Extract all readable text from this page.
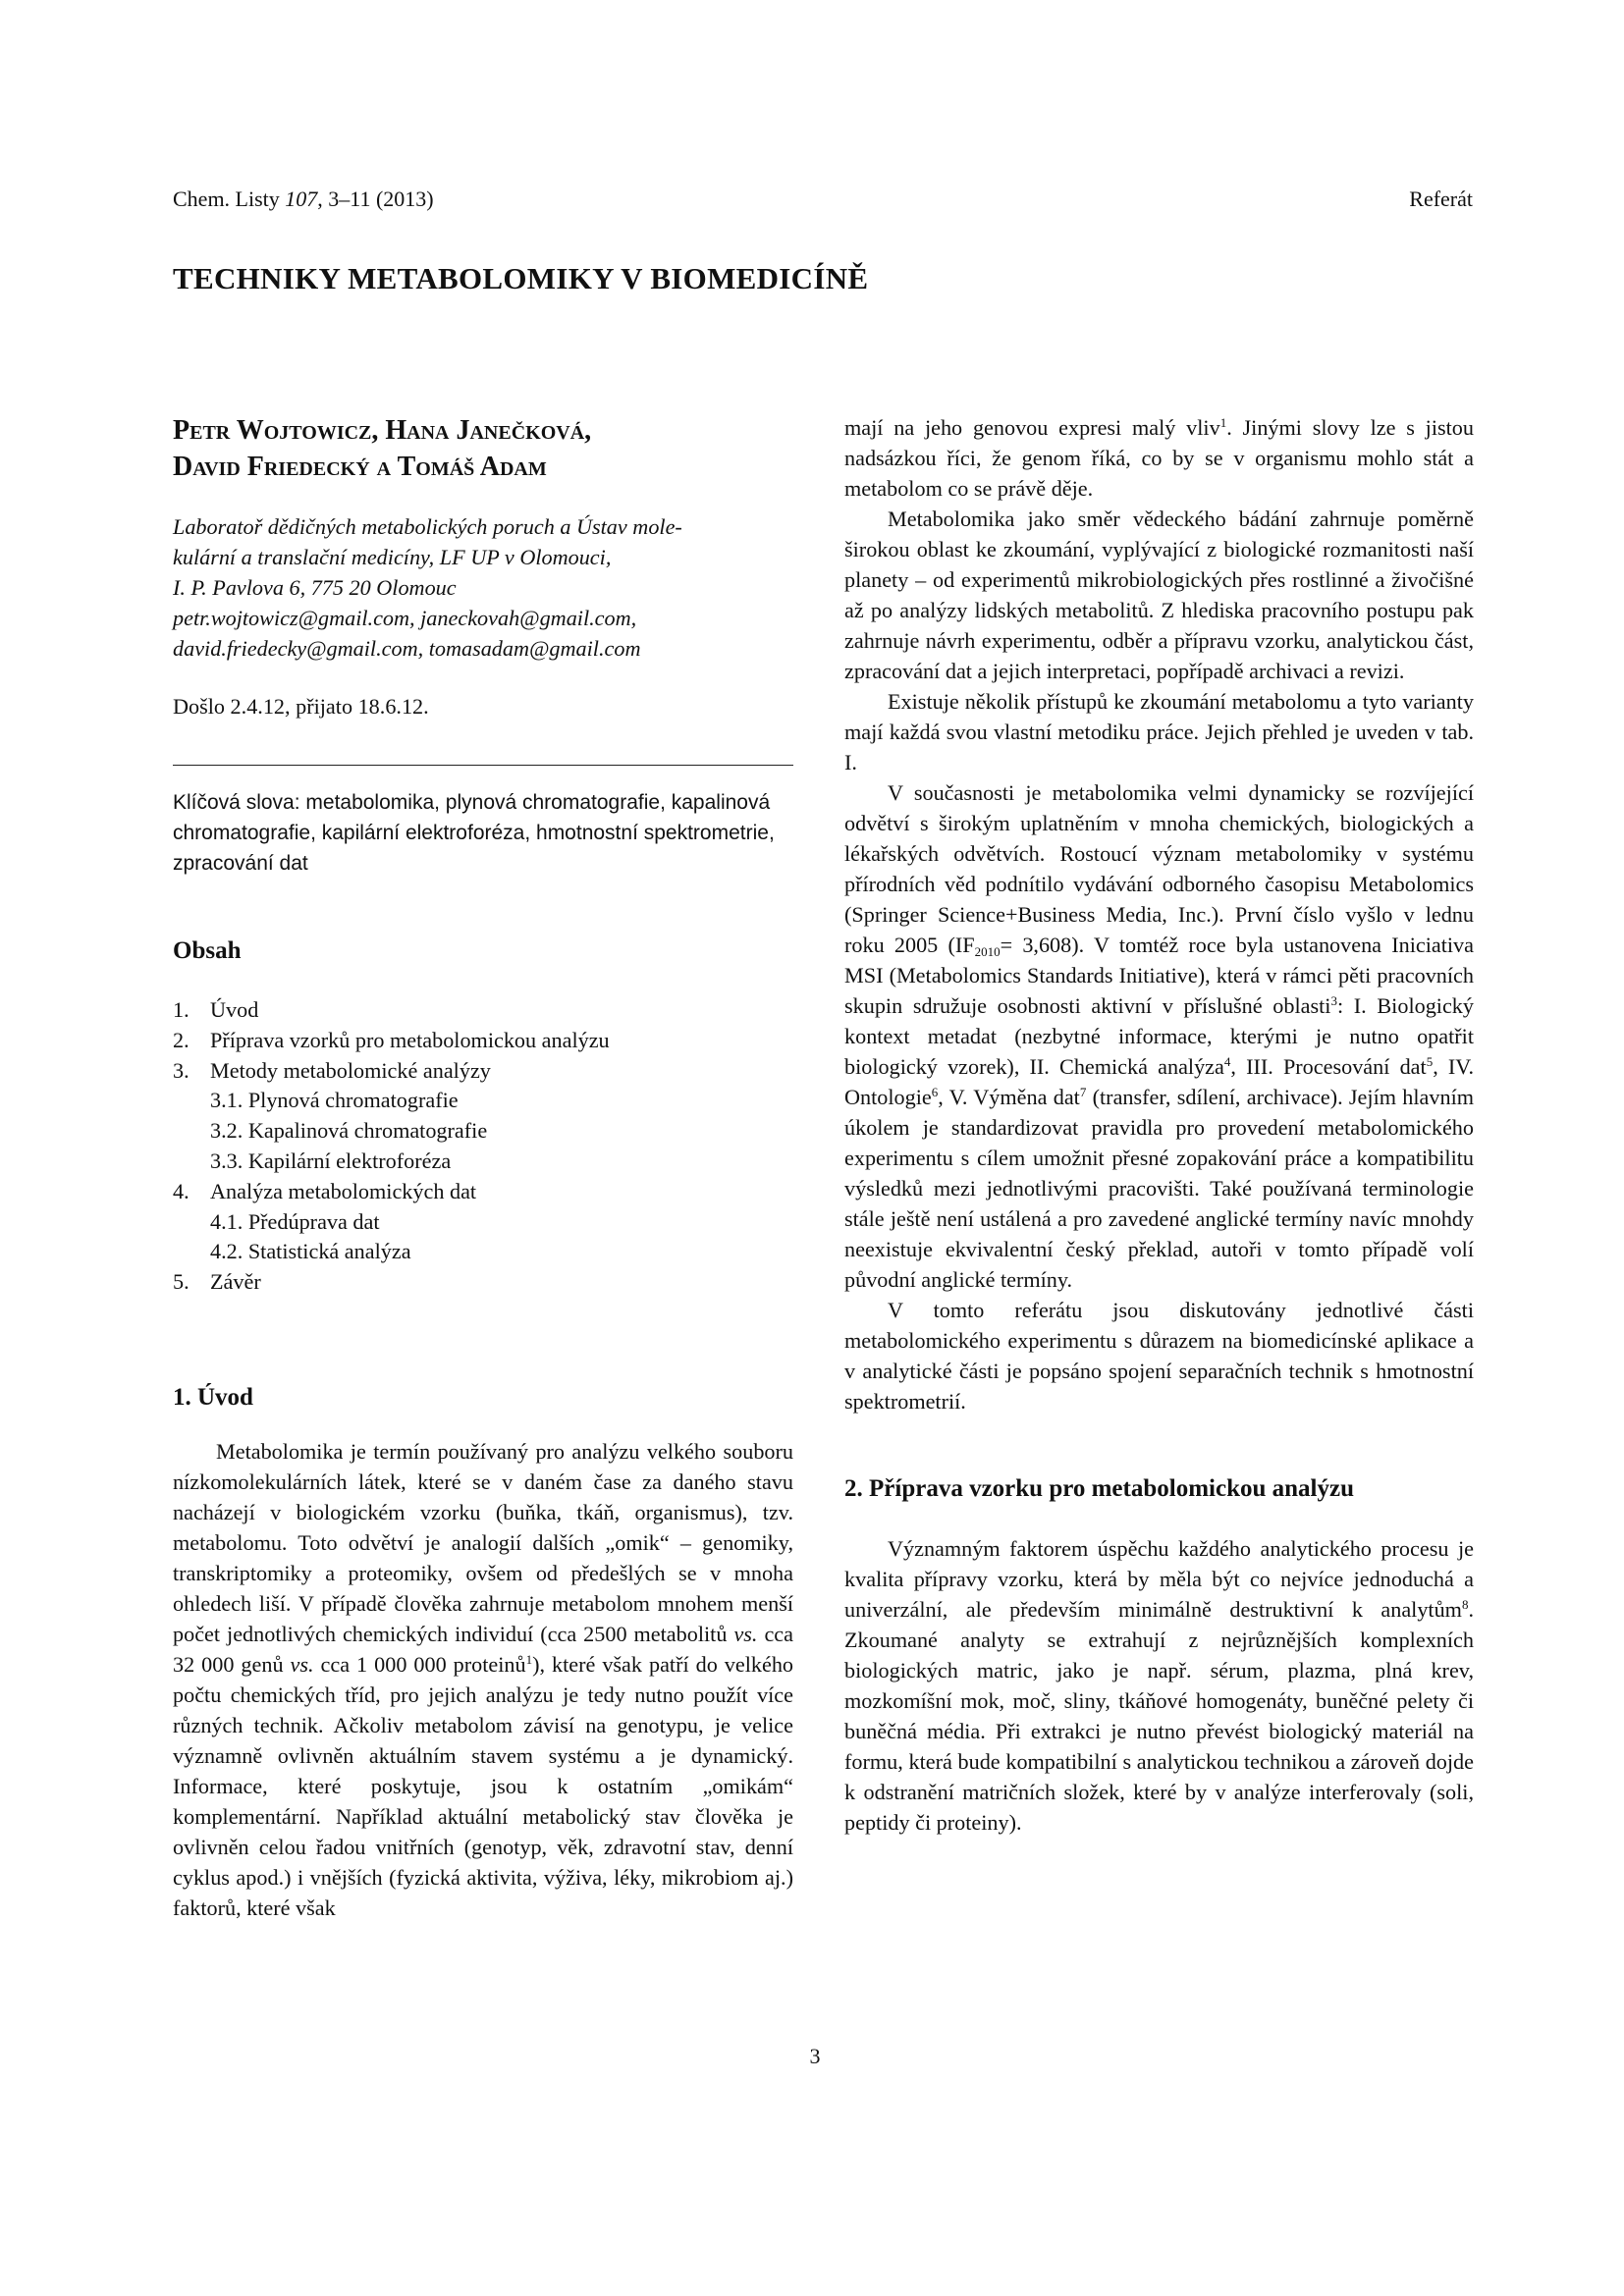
Chem. Listy 107, 3–11 (2013)	Referát
TECHNIKY METABOLOMIKY V BIOMEDICÍNĚ
Petr Wojtowicz, Hana Janečková,
David Friedecký a Tomáš Adam
Laboratoř dědičných metabolických poruch a Ústav mole-
kulární a translační medicíny, LF UP v Olomouci,
I. P. Pavlova 6, 775 20 Olomouc
petr.wojtowicz@gmail.com, janeckovah@gmail.com,
david.friedecky@gmail.com, tomasadam@gmail.com
Došlo 2.4.12, přijato 18.6.12.
Klíčová slova: metabolomika, plynová chromatografie, kapalinová chromatografie, kapilární elektroforéza, hmotnostní spektrometrie, zpracování dat
Obsah
1. Úvod
2. Příprava vzorků pro metabolomickou analýzu
3. Metody metabolomické analýzy
3.1. Plynová chromatografie
3.2. Kapalinová chromatografie
3.3. Kapilární elektroforéza
4. Analýza metabolomických dat
4.1. Předúprava dat
4.2. Statistická analýza
5. Závěr
1. Úvod

Metabolomika je termín používaný pro analýzu velkého souboru nízkomolekulárních látek, které se v daném čase za daného stavu nacházejí v biologickém vzorku (buňka, tkáň, organismus), tzv. metabolomu. Toto odvětví je analogií dalších „omik“ – genomiky, transkriptomiky a proteomiky, ovšem od předešlých se v mnoha ohledech liší. V případě člověka zahrnuje metabolom mnohem menší počet jednotlivých chemických individuí (cca 2500 metabolitů vs. cca 32 000 genů vs. cca 1 000 000 proteinů$^1$), které však patří do velkého počtu chemických tříd, pro jejich analýzu je tedy nutno použít více různých technik. Ačkoliv metabolom závisí na genotypu, je velice významně ovlivněn aktuálním stavem systému a je dynamický. Informace, které poskytuje, jsou k ostatním „omikám“ komplementární. Například aktuální metabolický stav člověka je ovlivněn celou řadou vnitřních (genotyp, věk, zdravotní stav, denní cyklus apod.) i vnějších (fyzická aktivita, výživa, léky, mikrobiom aj.) faktorů, které však

mají na jeho genovou expresi malý vliv$^1$. Jinými slovy lze s jistou nadsázkou říci, že genom říká, co by se v organismu mohlo stát a metabolom co se právě děje.

Metabolomika jako směr vědeckého bádání zahrnuje poměrně širokou oblast ke zkoumání, vyplývající z biologické rozmanitosti naší planety – od experimentů mikrobiologických přes rostlinné a živočišné až po analýzy lidských metabolitů. Z hlediska pracovního postupu pak zahrnuje návrh experimentu, odběr a přípravu vzorku, analytickou část, zpracování dat a jejich interpretaci, popřípadě archivaci a revizi.

Existuje několik přístupů ke zkoumání metabolomu a tyto varianty mají každá svou vlastní metodiku práce. Jejich přehled je uveden v tab. I.

V současnosti je metabolomika velmi dynamicky se rozvíjející odvětví s širokým uplatněním v mnoha chemických, biologických a lékařských odvětvích. Rostoucí význam metabolomiky v systému přírodních věd podnítilo vydávání odborného časopisu Metabolomics (Springer Science+Business Media, Inc.). První číslo vyšlo v lednu roku 2005 $(IF_{2010}= 3,608)$. V tomtéž roce byla ustanovena Iniciativa MSI (Metabolomics Standards Initiative), která v rámci pěti pracovních skupin sdružuje osobnosti aktivní v příslušné oblasti$^3$: I. Biologický kontext metadat (nezbytné informace, kterými je nutno opatřit biologický vzorek), II. Chemická analýza$^4$, III. Procesování dat$^5$, IV. Ontologie$^6$, V. Výměna dat$^7$ (transfer, sdílení, archivace). Jejím hlavním úkolem je standardizovat pravidla pro provedení metabolomického experimentu s cílem umožnit přesné zopakování práce a kompatibilitu výsledků mezi jednotlivými pracovišti. Také používaná terminologie stále ještě není ustálená a pro zavedené anglické termíny navíc mnohdy neexistuje ekvivalentní český překlad, autoři v tomto případě volí původní anglické termíny.

V tomto referátu jsou diskutovány jednotlivé části metabolomického experimentu s důrazem na biomedicínské aplikace a v analytické části je popsáno spojení separačních technik s hmotnostní spektrometrií.

2. Příprava vzorku pro metabolomickou analýzu

Významným faktorem úspěchu každého analytického procesu je kvalita přípravy vzorku, která by měla být co nejvíce jednoduchá a univerzální, ale především minimálně destruktivní k analytům$^8$. Zkoumané analyty se extrahují z nejrůznějších komplexních biologických matric, jako je např. sérum, plazma, plná krev, mozkomíšní mok, moč, sliny, tkáňové homogenáty, buněčné pelety či buněčná média. Při extrakci je nutno převést biologický materiál na formu, která bude kompatibilní s analytickou technikou a zároveň dojde k odstranění matričních složek, které by v analýze interferovaly (soli, peptidy či proteiny).

3
